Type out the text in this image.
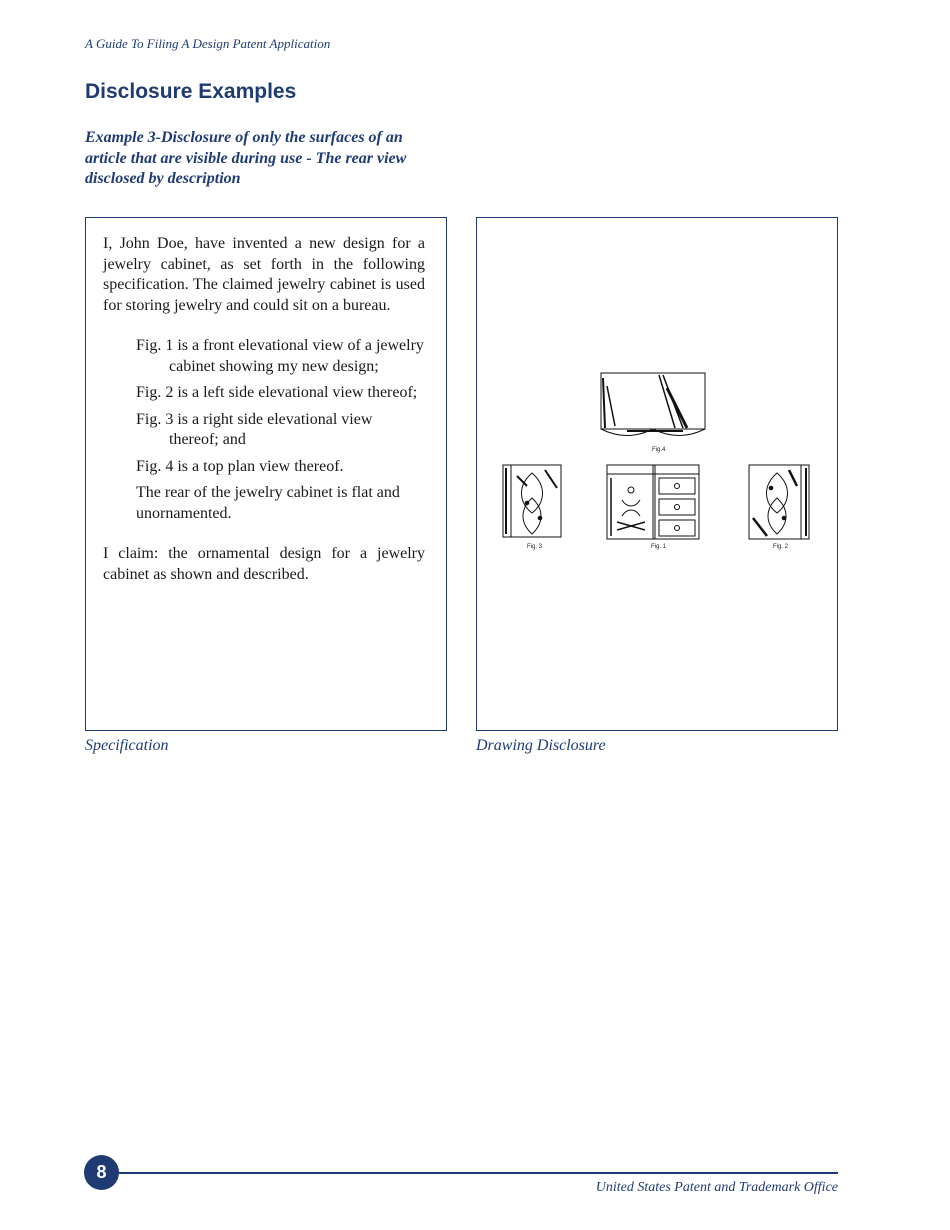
A Guide To Filing A Design Patent Application
Disclosure Examples
Example 3-Disclosure of only the surfaces of an article that are visible during use - The rear view disclosed by description

I, John Doe, have invented a new design for a jewelry cabinet, as set forth in the following specification. The claimed jewelry cabinet is used for storing jewelry and could sit on a bureau.

Fig. 1 is a front elevational view of a jewelry cabinet showing my new design;
Fig. 2 is a left side elevational view thereof;
Fig. 3 is a right side elevational view thereof; and
Fig. 4 is a top plan view thereof.

The rear of the jewelry cabinet is flat and unornamented.

I claim: the ornamental design for a jewelry cabinet as shown and described.

Fig.4
Fig. 3	Fig. 1	Fig. 2
Specification	Drawing Disclosure
8
United States Patent and Trademark Office
